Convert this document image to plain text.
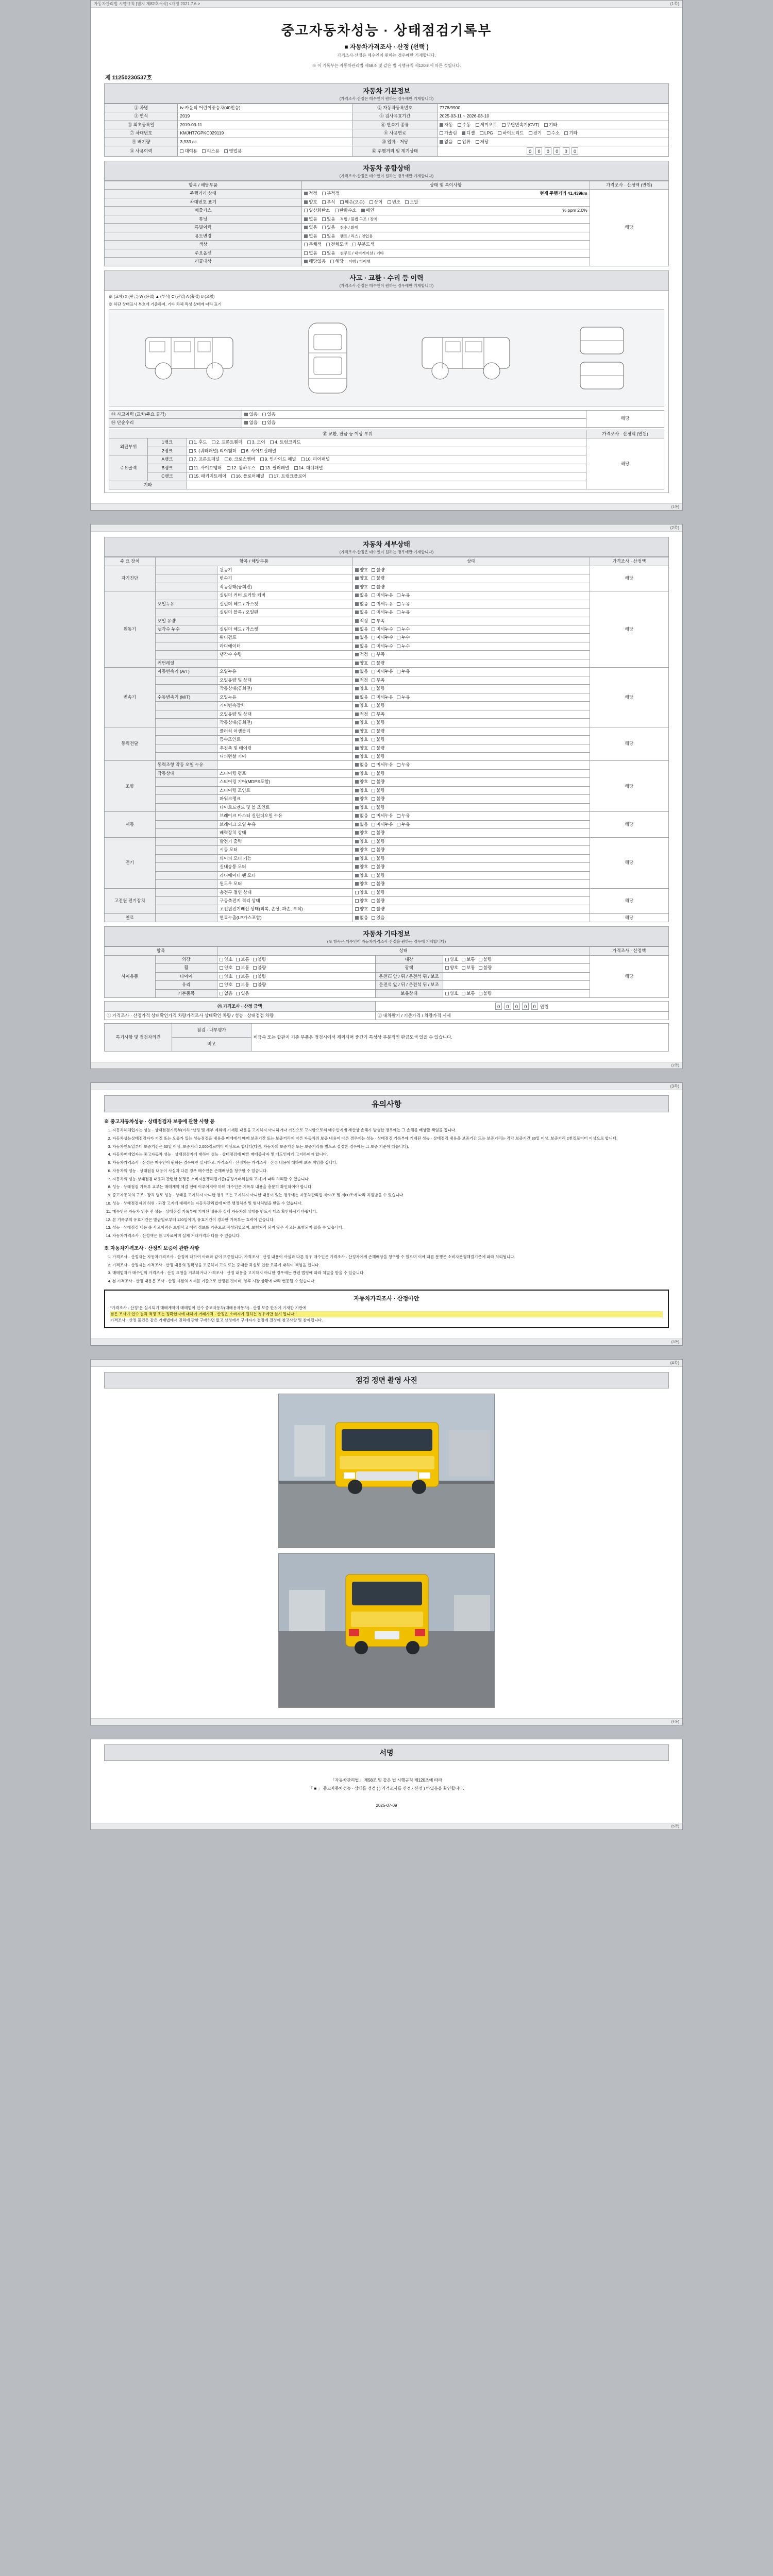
자동차관리법 시행규칙 [별지 제82호서식] <개정 2021.7.6.>	(1쪽)
중고자동차성능 · 상태점검기록부
■ 자동차가격조사 · 산정 (선택 )
가격조사·산정은 매수인이 원하는 경우에만 기재합니다.
※ 이 기록부는 자동차관리법 제58조 및 같은 법 시행규칙 제120조에 따른 것입니다.
제 11250230537호
자동차 기본정보
(가격조사·산정은 매수인이 원하는 경우에만 기재합니다)
① 차명	tv-카운티 어린이중승차(40인승)	② 자동차등록번호	7778/9900
③ 연식	2019	④ 검사유효기간	2025-03-11 ~ 2026-03-10
⑤ 최초등록일	2019-03-11	⑥ 변속기 종류	자동 수동 세미오토 무단변속기(CVT) 기타
⑦ 차대번호	KMJHT7GPKC029119	⑧ 사용연료	가솔린 디젤 LPG 하이브리드 전기 수소 기타
⑨ 배기량	3,933 cc	⑩ 압류 · 저당	없음 압류 저당
⑪ 사용이력	대여용 리스용 영업용	⑫ 주행거리 및 계기상태	0 0 0 0 0 0
자동차 종합상태
(가격조사·산정은 매수인이 원하는 경우에만 기재합니다)
항목 / 해당부품	상태 및 특이사항	가격조사 · 산정액 (만원)
주행거리 상태	적정 부적정 현재 주행거리 41,439km	해당
차대번호 표기	양호 부식 훼손(오손) 상이 변조 도말	
배출가스	일산화탄소 탄화수소 매연 % ppm 2.0%	

튜닝	없음 있음 적법 / 불법 구조 / 장치	
특별이력	없음 있음 침수 / 화재	
용도변경	없음 있음 렌트 / 리스 / 영업용	
색상	무채색 전체도색 부분도색	
주요옵션	없음 있음 썬루프 / 내비게이션 / 기타	
리콜대상	해당없음 해당 이행 / 미이행	
사고 · 교환 · 수리 등 이력
(가격조사·산정은 매수인이 원하는 경우에만 기재합니다)
※ (교체) X (판금) W (용접) ▲ (부식) C (균열) A (흠집) U (요철)
※ 하단 상태표시 부호에 기준하여, 기타 차체 특성 상태에 따라 표기
⑬ 사고이력 (교차/주요 골격)	없음 있음	해당
⑭ 단순수리	없음 있음	
⑮ 교환, 판금 등 이상 부위			가격조사 · 산정액 (만원)
외판부위	1랭크	1. 후드 2. 프론트휀더 3. 도어 4. 트렁크리드	해당
	2랭크	5. (쿼터패널) 리어휀더 6. 사이드실패널	
주요골격	A랭크	7. 프론트패널 8. 크로스멤버 9. 인사이드 패널 10. 리어패널	
	B랭크	11. 사이드멤버 12. 휠하우스 13. 필러패널 14. 대쉬패널	
	C랭크	15. 패키지트레이 16. 플로어패널 17. 트렁크플로어	
기타			
(1쪽)
(2쪽)
자동차 세부상태
(가격조사·산정은 매수인이 원하는 경우에만 기재합니다)
주 요 장치	항목 / 해당부품		상태	가격조사 · 산정액
자기진단		원동기	양호 불량	해당
		변속기	양호 불량	
		작동상태(공회전)	양호 불량	
원동기		실린더 커버 로커암 커버	없음 미세누유 누유	해당
	오일누유	실린더 헤드 / 가스켓	없음 미세누유 누유	
		실린더 블록 / 오일팬	없음 미세누유 누유	
	오일 유량		적정 부족	
	냉각수 누수	실린더 헤드 / 가스켓	없음 미세누수 누수	
		워터펌프	없음 미세누수 누수	
		라디에이터	없음 미세누수 누수	
		냉각수 수량	적정 부족	
	커먼레일		양호 불량	
변속기	자동변속기 (A/T)	오일누유	없음 미세누유 누유	해당
		오일유량 및 상태	적정 부족	
		작동상태(공회전)	양호 불량	
	수동변속기 (M/T)	오일누유	없음 미세누유 누유	
		기어변속장치	양호 불량	
		오일유량 및 상태	적정 부족	
		작동상태(공회전)	양호 불량	
동력전달		클러치 어셈블리	양호 불량	해당
		등속조인트	양호 불량	
		추진축 및 베어링	양호 불량	
		디퍼런셜 기어	양호 불량	
조향	동력조항 작동 오일 누유		없음 미세누유 누유	해당
	작동상태	스티어링 펌프	양호 불량	
		스티어링 기어(MDPS포함)	양호 불량	
		스티어링 조인트	양호 불량	
		파워크랭크	양호 불량	
		타이로드엔드 및 볼 조인트	양호 불량	
제동		브레이크 마스터 실린더오일 누유	없음 미세누유 누유	해당
		브레이크 오일 누유	없음 미세누유 누유	
		배력장치 상태	양호 불량	
전기		발전기 출력	양호 불량	해당
		시동 모터	양호 불량	
		와이퍼 모터 기능	양호 불량	
		실내송풍 모터	양호 불량	
		라디에이터 팬 모터	양호 불량	
		윈도우 모터	양호 불량	
고전원 전기장치		충전구 절연 상태	양호 불량	해당
		구동축전지 격리 상태	양호 불량	
		고전원전기배선 상태(피복, 손상, 파손, 부식)	양호 불량	
연료		연료누출(LP가스포함)	없음 있음	해당
자동차 기타정보
(※ 항목은 매수인이 자동차가격조사·산정을 원하는 경우에 기재합니다)
항목		상태			가격조사 · 산정액
사이용품	외장	양호 보통 불량	내장	양호 보통 불량	해당
	휠	양호 보통 불량	광택	양호 보통 불량	
	타이어	양호 보통 불량	운전石 앞 / 뒤 / 운전석 뒤 / 보조		
	유리	양호 보통 불량	운전석 앞 / 뒤 / 운전석 뒤 / 보조		
	기본품목	없음 있음	보유상태	양호 보통 불량	
㉓ 가격조사 · 산정 금액	0 0 0 0 0 만원
① 가격조사 · 산정가격 상태확인가격 차량가격조사 상태확인 차량 / 성능 · 상태점검 차량	② 내차팔기 / 기준가격 / 차량가격 시세
특기사항 및 점검자의견	점검 · 내부평가	비금속 또는 합판지 기준 부품은 점검시에서 제외되며 중간기 특성상 부분적인 판금도색 있을 수 있습니다.
비고
(2쪽)
(3쪽)
유의사항
※ 중고자동차성능 · 상태점검자 보증에 관한 사항 등
1. 자동차해체업자는 성능 · 상태점검기록부(이하 "산정 및 세부 제외에 기재된 내용을 고지하지 아니하거나 거짓으로 고지함으로써 매수인에게 재산상 손해가 발생한 경우에는 그 손해를 배상할 책임을 집니다.
2. 자동차성능상태점검자가 거짓 또는 오류가 있는 성능점검을 내용을 매매에서 매매 보증기간 또는 보증거리에 따른 자동차의 보증 내용이 다른 경우에는 성능 · 상태점검 기록부에 기재된 성능 · 상태점검 내용을 보증기간 또는 보증거리는 각각 보증기간 30일 이상, 보증거리 2천킬로미터 이상으로 합니다.
3. 자동차인도일부터 보증기간은 30일 이상, 보증거리 2,000킬로미터 이상으로 합니다(다만, 자동차의 보증기간 또는 보증거리를 별도로 설정한 경우에는 그 보증 기준에 따릅니다).
4. 자동차매매업자는 중고자동차 성능 · 상태점검자에 대하여 성능 · 상태점검에 따른 매매종사자 및 매도인에게 고지하여야 합니다.
5. 자동차가격조사 · 산정은 매수인이 원하는 경우에만 실시하고, 가격조사 · 산정자는 가격조사 · 산정 내용에 대하여 보증 책임을 집니다.
6. 자동차의 성능 · 상태점검 내용이 사실과 다른 경우 매수인은 손해배상을 청구할 수 있습니다.
7. 자동차의 성능·상태점검 내용과 관련한 분쟁은 소비자분쟁해결기준(공정거래위원회 고시)에 따라 처리할 수 있습니다.
8. 성능 · 상태점검 기록부 교부는 매매계약 체결 전에 이루어져야 하며 매수인은 기록부 내용을 충분히 확인하여야 합니다.
9. 중고자동차의 구조 · 장치 별로 성능 · 상태를 고지하지 아니한 경우 또는 고지하지 아니한 내용이 있는 경우에는 자동차관리법 제58조 및 제80조에 따라 처벌받을 수 있습니다.
10. 성능 · 상태점검자의 허위 · 과장 고지에 대해서는 자동차관리법에 따른 행정처분 및 형사처벌을 받을 수 있습니다.
11. 매수인은 자동차 인수 전 성능 · 상태점검 기록부에 기재된 내용과 실제 자동차의 상태를 반드시 대조 확인하시기 바랍니다.
12. 본 기록부의 유효기간은 발급일로부터 120일이며, 유효기간이 경과한 기록부는 효력이 없습니다.
13. 성능 · 상태점검 내용 중 사고이력은 보험사고 이력 정보를 기준으로 작성되었으며, 보험처리 되지 않은 사고는 포함되지 않을 수 있습니다.
14. 자동차가격조사 · 산정액은 참고자료이며 실제 거래가격과 다를 수 있습니다.
※ 자동차가격조사 · 산정의 보증에 관한 사항
1. 가격조사 · 산정자는 자동차가격조사 · 산정에 대하여 아래와 같이 보증합니다. 가격조사 · 산정 내용이 사실과 다른 경우 매수인은 가격조사 · 산정자에게 손해배상을 청구할 수 있으며 이에 따른 분쟁은 소비자분쟁해결기준에 따라 처리됩니다.
2. 가격조사 · 산정자는 가격조사 · 산정 내용의 정확성을 보증하며 고의 또는 중대한 과실로 인한 오류에 대하여 책임을 집니다.
3. 매매업자가 매수인의 가격조사 · 산정 요청을 거부하거나 가격조사 · 산정 내용을 고지하지 아니한 경우에는 관련 법령에 따라 처벌을 받을 수 있습니다.
4. 본 가격조사 · 산정 내용은 조사 · 산정 시점의 시세를 기준으로 산정된 것이며, 향후 시장 상황에 따라 변동될 수 있습니다.
자동차가격조사 · 산정아안
"가격조사 · 산정"은 실시되기 매매계약에 매매업이 인수 중고자동차(매매용자동차) · 산정 보증 한것에 기재한 기관에
점은 조사가 인수 결과 적정 또는 정확한지에 대하여 거래가격 · 산정은 소비자가 원하는 경우에만 실시 됩니다.
가격조사 · 산정 물건은 같은 거래법에서 권리에 관한 구매하면 없고 산정에서 구매자가 결정에 결정에 참고사항 및 참여됩니다.
(3쪽)
(4쪽)
점검 정면 촬영 사진
(4쪽)
서명
「자동차관리법」 제58조 및 같은 법 시행규칙 제120조에 따라
「 ■ 」 중고자동차성능 · 상태를 점검 ( ) 가격조사를 산정 · 산정 ) 하였음을 확인합니다.
2025-07-09
(5쪽)
